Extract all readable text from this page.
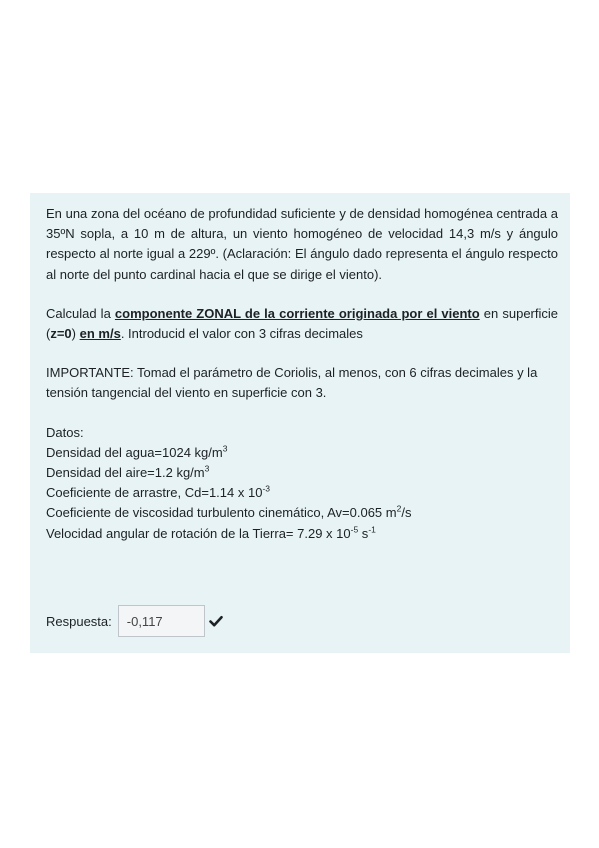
En una zona del océano de profundidad suficiente y de densidad homogénea centrada a 35ºN sopla, a 10 m de altura, un viento homogéneo de velocidad 14,3 m/s y ángulo respecto al norte igual a 229º. (Aclaración: El ángulo dado representa el ángulo respecto al norte del punto cardinal hacia el que se dirige el viento).

Calculad la componente ZONAL de la corriente originada por el viento en superficie (z=0) en m/s. Introducid el valor con 3 cifras decimales

IMPORTANTE: Tomad el parámetro de Coriolis, al menos, con 6 cifras decimales y la tensión tangencial del viento en superficie con 3.

Datos:

Densidad del agua=1024 $kg/m^3$

Densidad del aire=1.2 $kg/m^3$

Coeficiente de arrastre, Cd=1.14 x $10^{-3}$

Coeficiente de viscosidad turbulento cinemático, Av=0.065 $m^2/s$

Velocidad angular de rotación de la Tierra= 7.29 x $10^{-5}$ $s^{-1}$

Respuesta:
-0,117
